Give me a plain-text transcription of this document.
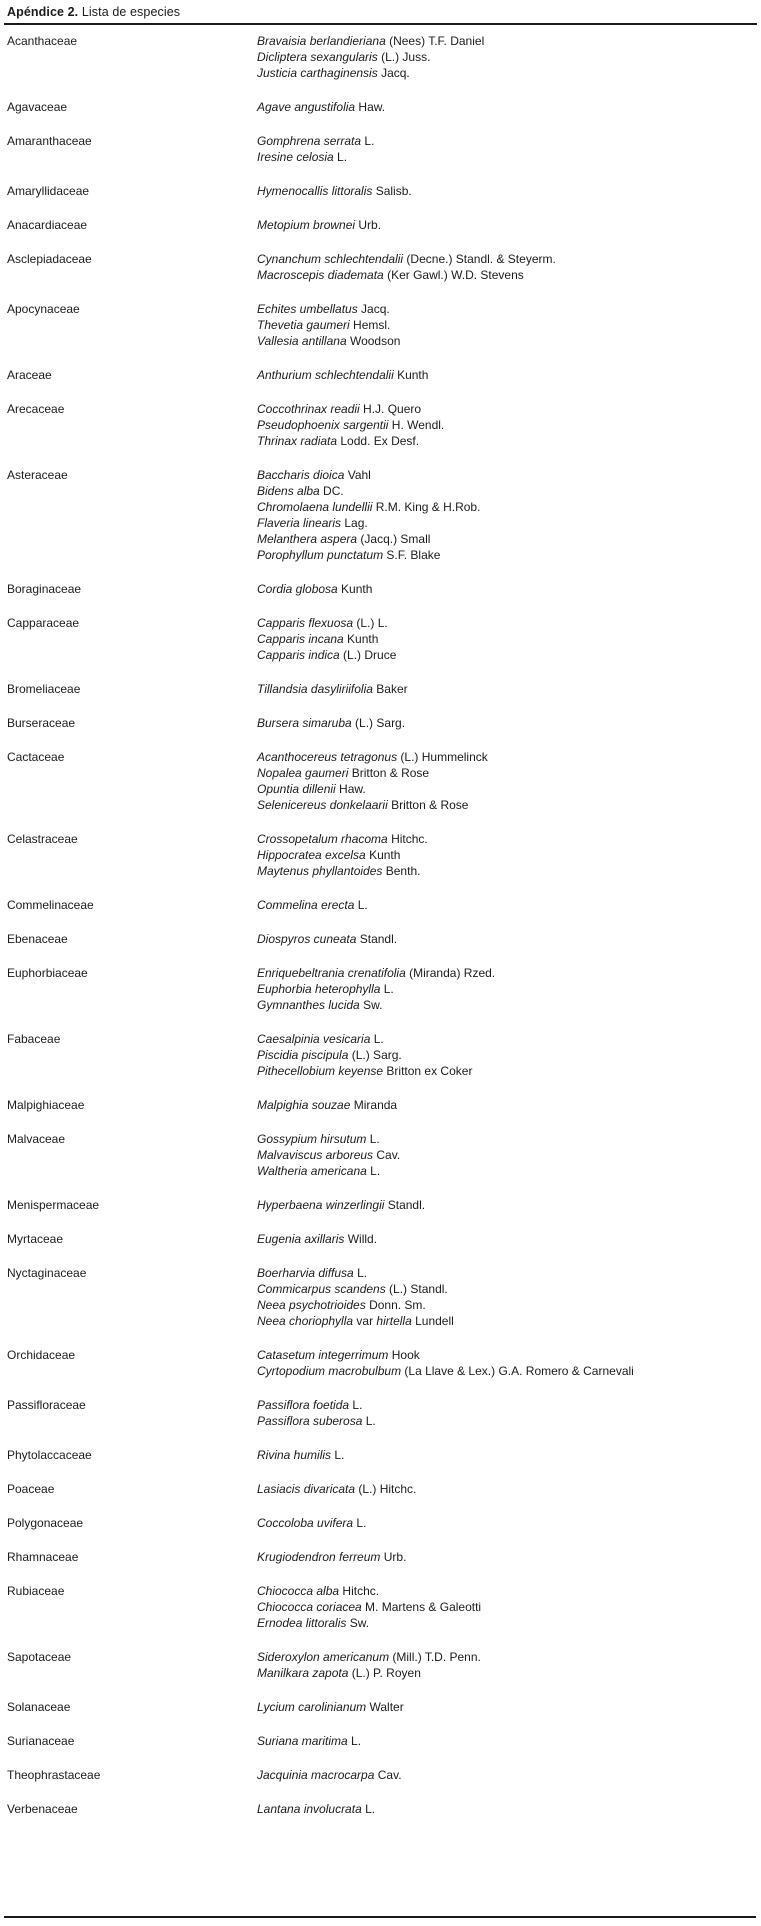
Apéndice 2. Lista de especies
Acanthaceae	Bravaisia berlandieriana (Nees) T.F. Daniel
Dicliptera sexangularis (L.) Juss.
Justicia carthaginensis Jacq.
Agavaceae	Agave angustifolia Haw.
Amaranthaceae	Gomphrena serrata L.
Iresine celosia L.
Amaryllidaceae	Hymenocallis littoralis Salisb.
Anacardiaceae	Metopium brownei Urb.
Asclepiadaceae	Cynanchum schlechtendalii (Decne.) Standl. & Steyerm.
Macroscepis diademata (Ker Gawl.) W.D. Stevens
Apocynaceae	Echites umbellatus Jacq.
Thevetia gaumeri Hemsl.
Vallesia antillana Woodson
Araceae	Anthurium schlechtendalii Kunth
Arecaceae	Coccothrinax readii H.J. Quero
Pseudophoenix sargentii H. Wendl.
Thrinax radiata Lodd. Ex Desf.
Asteraceae	Baccharis dioica Vahl
Bidens alba DC.
Chromolaena lundellii R.M. King & H.Rob.
Flaveria linearis Lag.
Melanthera aspera (Jacq.) Small
Porophyllum punctatum S.F. Blake
Boraginaceae	Cordia globosa Kunth
Capparaceae	Capparis flexuosa (L.) L.
Capparis incana Kunth
Capparis indica (L.) Druce
Bromeliaceae	Tillandsia dasyliriifolia Baker
Burseraceae	Bursera simaruba (L.) Sarg.
Cactaceae	Acanthocereus tetragonus (L.) Hummelinck
Nopalea gaumeri Britton & Rose
Opuntia dillenii Haw.
Selenicereus donkelaarii Britton & Rose
Celastraceae	Crossopetalum rhacoma Hitchc.
Hippocratea excelsa Kunth
Maytenus phyllantoides Benth.
Commelinaceae	Commelina erecta L.
Ebenaceae	Diospyros cuneata Standl.
Euphorbiaceae	Enriquebeltrania crenatifolia (Miranda) Rzed.
Euphorbia heterophylla L.
Gymnanthes lucida Sw.
Fabaceae	Caesalpinia vesicaria L.
Piscidia piscipula (L.) Sarg.
Pithecellobium keyense Britton ex Coker
Malpighiaceae	Malpighia souzae Miranda
Malvaceae	Gossypium hirsutum L.
Malvaviscus arboreus Cav.
Waltheria americana L.
Menispermaceae	Hyperbaena winzerlingii Standl.
Myrtaceae	Eugenia axillaris Willd.
Nyctaginaceae	Boerharvia diffusa L.
Commicarpus scandens (L.) Standl.
Neea psychotrioides Donn. Sm.
Neea choriophylla var hirtella Lundell
Orchidaceae	Catasetum integerrimum Hook
Cyrtopodium macrobulbum (La Llave & Lex.) G.A. Romero & Carnevali
Passifloraceae	Passiflora foetida L.
Passiflora suberosa L.
Phytolaccaceae	Rivina humilis L.
Poaceae	Lasiacis divaricata (L.) Hitchc.
Polygonaceae	Coccoloba uvifera L.
Rhamnaceae	Krugiodendron ferreum Urb.
Rubiaceae	Chiococca alba Hitchc.
Chiococca coriacea M. Martens & Galeotti
Ernodea littoralis Sw.
Sapotaceae	Sideroxylon americanum (Mill.) T.D. Penn.
Manilkara zapota (L.) P. Royen
Solanaceae	Lycium carolinianum Walter
Surianaceae	Suriana maritima L.
Theophrastaceae	Jacquinia macrocarpa Cav.
Verbenaceae	Lantana involucrata L.
